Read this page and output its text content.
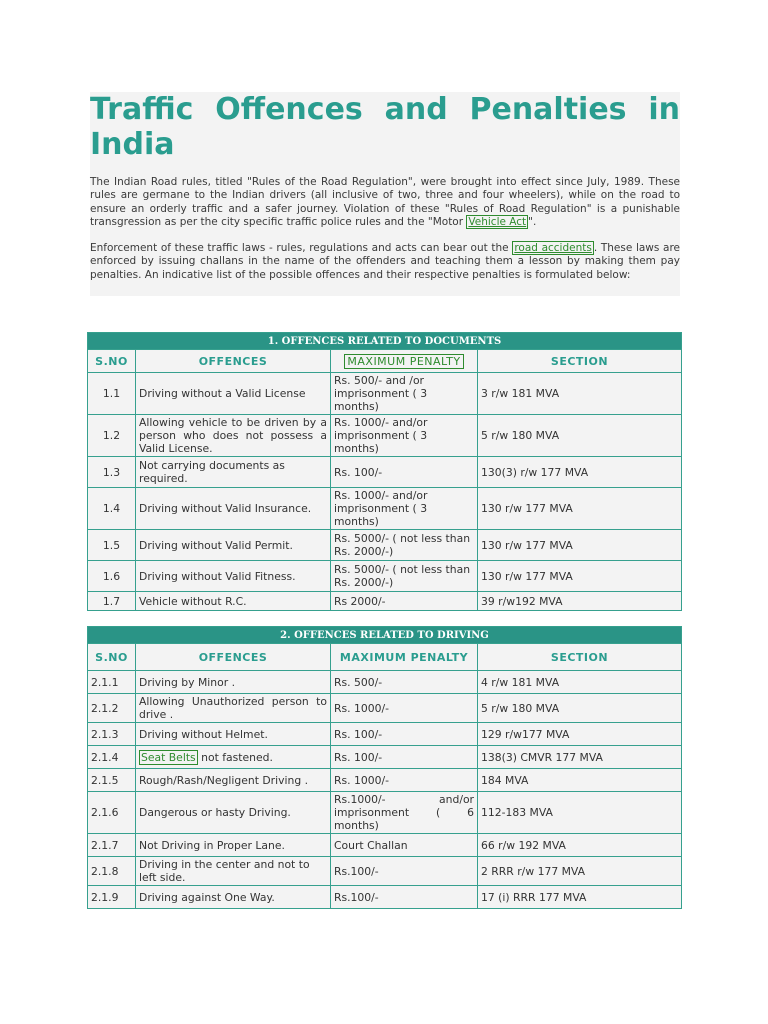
Traffic Offences and Penalties in India

The Indian Road rules, titled "Rules of the Road Regulation", were brought into effect since July, 1989. These rules are germane to the Indian drivers (all inclusive of two, three and four wheelers), while on the road to ensure an orderly traffic and a safer journey. Violation of these "Rules of Road Regulation" is a punishable transgression as per the city specific traffic police rules and the "Motor Vehicle Act ".

Enforcement of these traffic laws - rules, regulations and acts can bear out the road accidents . These laws are enforced by issuing challans in the name of the offenders and teaching them a lesson by making them pay penalties. An indicative list of the possible offences and their respective penalties is formulated below:

1. OFFENCES RELATED TO DOCUMENTS			
S.NO	OFFENCES	MAXIMUM PENALTY	SECTION
1.1	Driving without a Valid License	Rs. 500/- and /or imprisonment ( 3 months)	3 r/w 181 MVA
1.2	Allowing vehicle to be driven by a person who does not possess a Valid License.	Rs. 1000/- and/or imprisonment ( 3 months)	5 r/w 180 MVA
1.3	Not carrying documents as required.	Rs. 100/-	130(3) r/w 177 MVA
1.4	Driving without Valid Insurance.	Rs. 1000/- and/or imprisonment ( 3 months)	130 r/w 177 MVA
1.5	Driving without Valid Permit.	Rs. 5000/- ( not less than Rs. 2000/-)	130 r/w 177 MVA
1.6	Driving without Valid Fitness.	Rs. 5000/- ( not less than Rs. 2000/-)	130 r/w 177 MVA
1.7	Vehicle without R.C.	Rs 2000/-	39 r/w192 MVA
2. OFFENCES RELATED TO DRIVING			
S.NO	OFFENCES	MAXIMUM PENALTY	SECTION
2.1.1	Driving by Minor .	Rs. 500/-	4 r/w 181 MVA
2.1.2	Allowing Unauthorized person to drive .	Rs. 1000/-	5 r/w 180 MVA
2.1.3	Driving without Helmet.	Rs. 100/-	129 r/w177 MVA
2.1.4	Seat Belts not fastened.	Rs. 100/-	138(3) CMVR 177 MVA
2.1.5	Rough/Rash/Negligent Driving .	Rs. 1000/-	184 MVA
2.1.6	Dangerous or hasty Driving.	Rs.1000/- and/or imprisonment ( 6 months)	112-183 MVA
2.1.7	Not Driving in Proper Lane.	Court Challan	66 r/w 192 MVA
2.1.8	Driving in the center and not to left side.	Rs.100/-	2 RRR r/w 177 MVA
2.1.9	Driving against One Way.	Rs.100/-	17 (i) RRR 177 MVA
